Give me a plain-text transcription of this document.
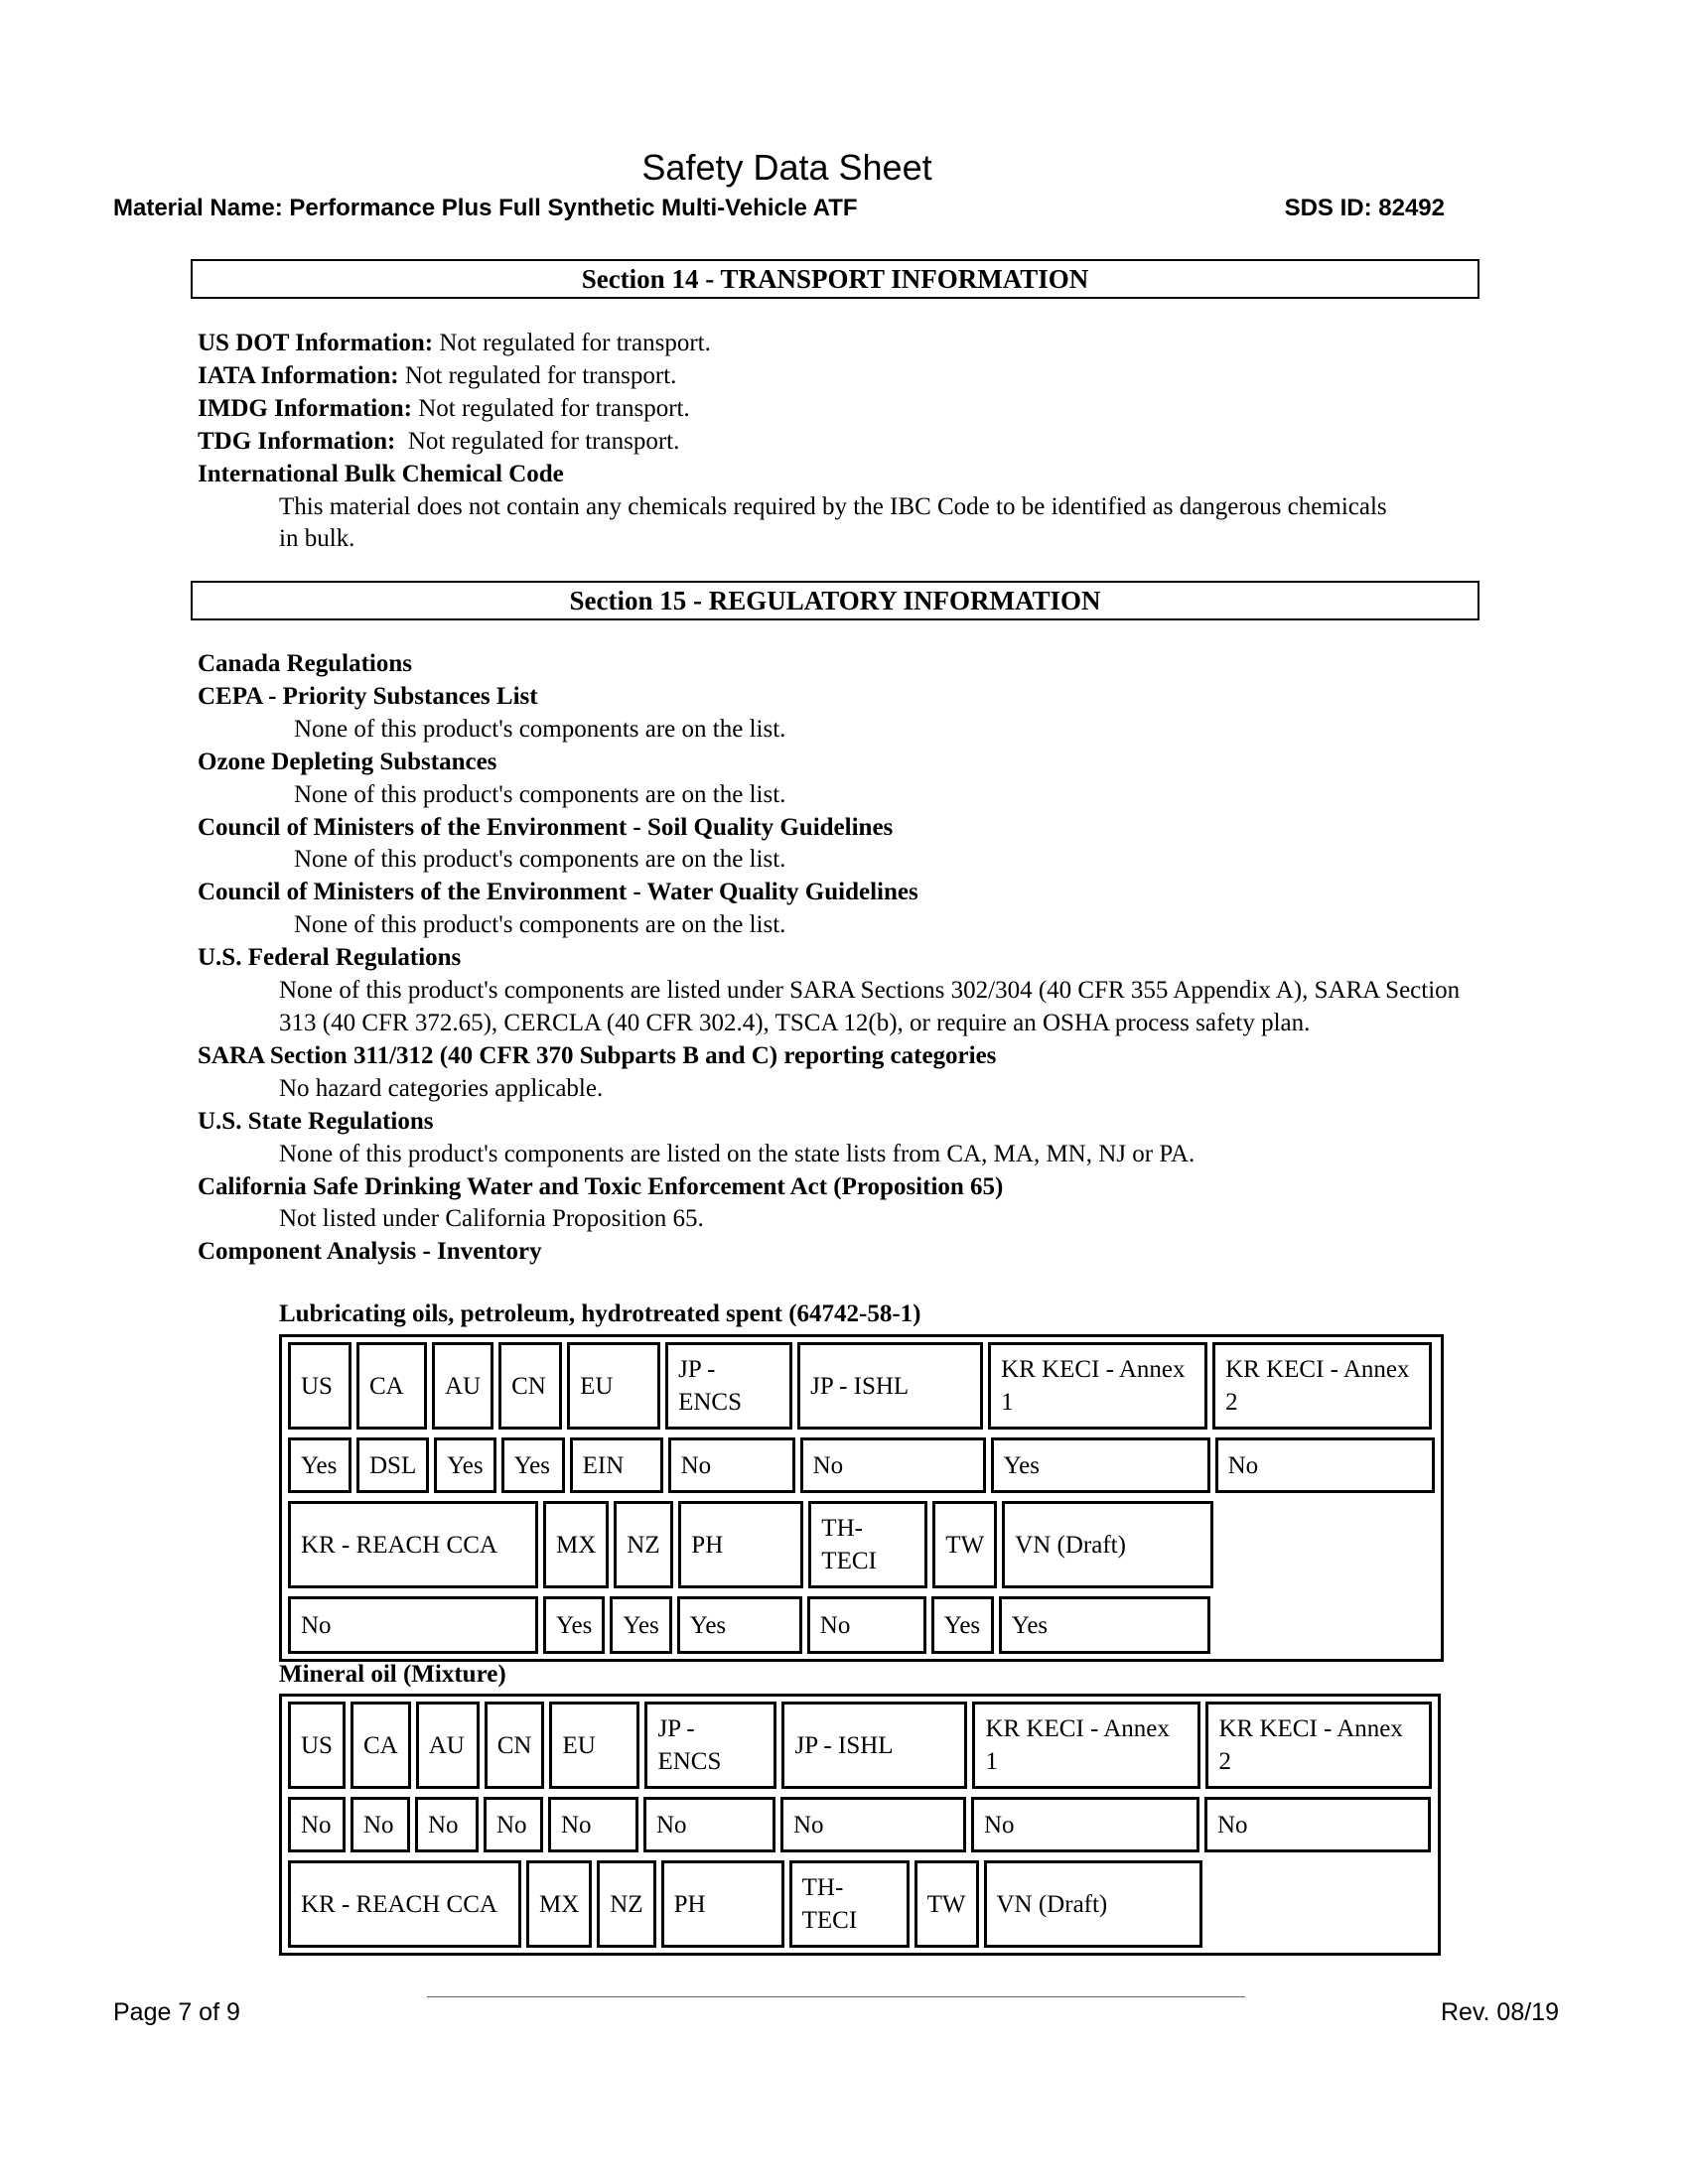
Safety Data Sheet
Material Name: Performance Plus Full Synthetic Multi-Vehicle ATF	SDS ID: 82492
Section 14 - TRANSPORT INFORMATION
US DOT Information: Not regulated for transport.
IATA Information: Not regulated for transport.
IMDG Information: Not regulated for transport.
TDG Information:  Not regulated for transport.
International Bulk Chemical Code
This material does not contain any chemicals required by the IBC Code to be identified as dangerous chemicals in bulk.
Section 15 - REGULATORY INFORMATION
Canada Regulations
CEPA - Priority Substances List
None of this product's components are on the list.
Ozone Depleting Substances
None of this product's components are on the list.
Council of Ministers of the Environment - Soil Quality Guidelines
None of this product's components are on the list.
Council of Ministers of the Environment - Water Quality Guidelines
None of this product's components are on the list.
U.S. Federal Regulations
None of this product's components are listed under SARA Sections 302/304 (40 CFR 355 Appendix A), SARA Section 313 (40 CFR 372.65), CERCLA (40 CFR 302.4), TSCA 12(b), or require an OSHA process safety plan.
SARA Section 311/312 (40 CFR 370 Subparts B and C) reporting categories
No hazard categories applicable.
U.S. State Regulations
None of this product's components are listed on the state lists from CA, MA, MN, NJ or PA.
California Safe Drinking Water and Toxic Enforcement Act (Proposition 65)
Not listed under California Proposition 65.
Component Analysis - Inventory
Lubricating oils, petroleum, hydrotreated spent (64742-58-1)
US	CA	AU	CN	EU	JP - ENCS	JP - ISHL	KR KECI - Annex 1	KR KECI - Annex 2
Yes	DSL	Yes	Yes	EIN	No	No	Yes	No
KR - REACH CCA	MX	NZ	PH	TH-TECI	TW	VN (Draft)
No	Yes	Yes	Yes	No	Yes	Yes
Mineral oil (Mixture)
US	CA	AU	CN	EU	JP - ENCS	JP - ISHL	KR KECI - Annex 1	KR KECI - Annex 2
No	No	No	No	No	No	No	No	No
KR - REACH CCA	MX	NZ	PH	TH-TECI	TW	VN (Draft)
Page 7 of 9	Rev. 08/19
